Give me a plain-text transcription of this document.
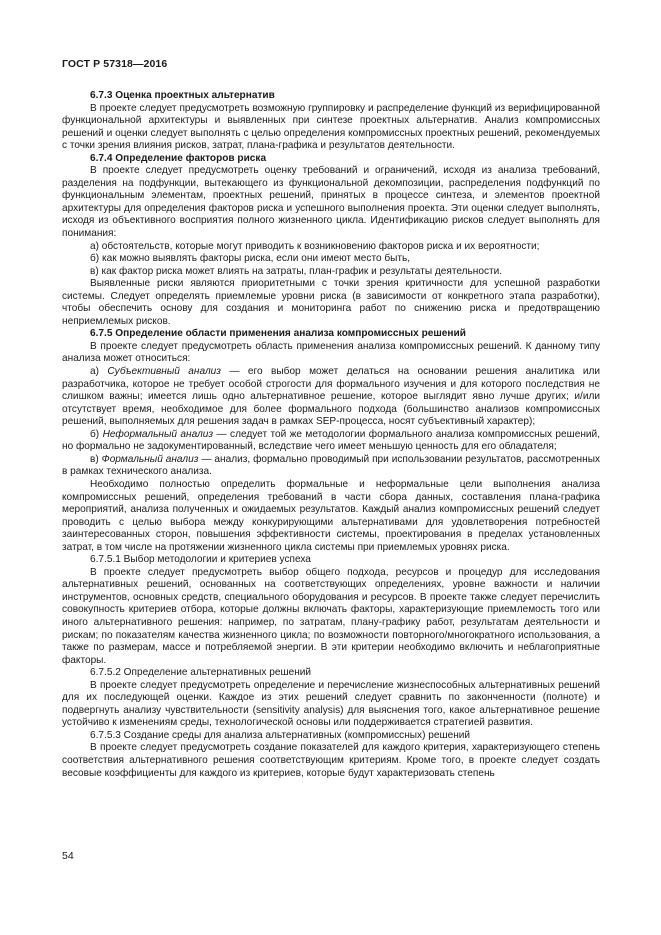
ГОСТ Р 57318—2016

6.7.3 Оценка проектных альтернатив

В проекте следует предусмотреть возможную группировку и распределение функций из верифицированной функциональной архитектуры и выявленных при синтезе проектных альтернатив. Анализ компромиссных решений и оценки следует выполнять с целью определения компромиссных проектных решений, рекомендуемых с точки зрения влияния рисков, затрат, плана-графика и результатов деятельности.

6.7.4 Определение факторов риска

В проекте следует предусмотреть оценку требований и ограничений, исходя из анализа требований, разделения на подфункции, вытекающего из функциональной декомпозиции, распределения подфункций по функциональным элементам, проектных решений, принятых в процессе синтеза, и элементов проектной архитектуры для определения факторов риска и успешного выполнения проекта. Эти оценки следует выполнять, исходя из объективного восприятия полного жизненного цикла. Идентификацию рисков следует выполнять для понимания:

а) обстоятельств, которые могут приводить к возникновению факторов риска и их вероятности;

б) как можно выявлять факторы риска, если они имеют место быть,

в) как фактор риска может влиять на затраты, план-график и результаты деятельности.

Выявленные риски являются приоритетными с точки зрения критичности для успешной разработки системы. Следует определять приемлемые уровни риска (в зависимости от конкретного этапа разработки), чтобы обеспечить основу для создания и мониторинга работ по снижению риска и предотвращению неприемлемых рисков.

6.7.5 Определение области применения анализа компромиссных решений

В проекте следует предусмотреть область применения анализа компромиссных решений. К данному типу анализа может относиться:

а) Субъективный анализ — его выбор может делаться на основании решения аналитика или разработчика, которое не требует особой строгости для формального изучения и для которого последствия не слишком важны; имеется лишь одно альтернативное решение, которое выглядит явно лучше других; и/или отсутствует время, необходимое для более формального подхода (большинство анализов компромиссных решений, выполняемых для решения задач в рамках SEP-процесса, носят субъективный характер);

б) Неформальный анализ — следует той же методологии формального анализа компромиссных решений, но формально не задокументированный, вследствие чего имеет меньшую ценность для его обладателя;

в) Формальный анализ — анализ, формально проводимый при использовании результатов, рассмотренных в рамках технического анализа.

Необходимо полностью определить формальные и неформальные цели выполнения анализа компромиссных решений, определения требований в части сбора данных, составления плана-графика мероприятий, анализа полученных и ожидаемых результатов. Каждый анализ компромиссных решений следует проводить с целью выбора между конкурирующими альтернативами для удовлетворения потребностей заинтересованных сторон, повышения эффективности системы, проектирования в пределах установленных затрат, в том числе на протяжении жизненного цикла системы при приемлемых уровнях риска.

6.7.5.1 Выбор методологии и критериев успеха

В проекте следует предусмотреть выбор общего подхода, ресурсов и процедур для исследования альтернативных решений, основанных на соответствующих определениях, уровне важности и наличии инструментов, основных средств, специального оборудования и ресурсов. В проекте также следует перечислить совокупность критериев отбора, которые должны включать факторы, характеризующие приемлемость того или иного альтернативного решения: например, по затратам, плану-графику работ, результатам деятельности и рискам; по показателям качества жизненного цикла; по возможности повторного/многократного использования, а также по размерам, массе и потребляемой энергии. В эти критерии необходимо включить и неблагоприятные факторы.

6.7.5.2 Определение альтернативных решений

В проекте следует предусмотреть определение и перечисление жизнеспособных альтернативных решений для их последующей оценки. Каждое из этих решений следует сравнить по законченности (полноте) и подвергнуть анализу чувствительности (sensitivity analysis) для выяснения того, какое альтернативное решение устойчиво к изменениям среды, технологической основы или поддерживается стратегией развития.

6.7.5.3 Создание среды для анализа альтернативных (компромиссных) решений

В проекте следует предусмотреть создание показателей для каждого критерия, характеризующего степень соответствия альтернативного решения соответствующим критериям. Кроме того, в проекте следует создать весовые коэффициенты для каждого из критериев, которые будут характеризовать степень

54
